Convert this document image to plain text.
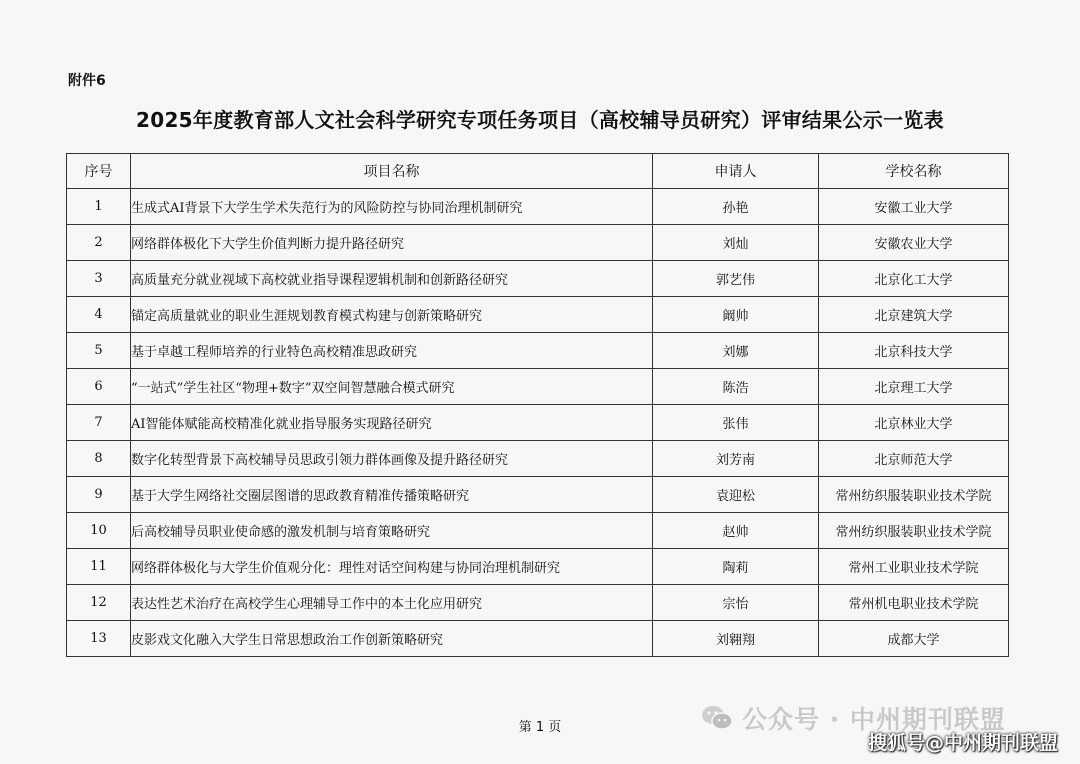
附件6
2025年度教育部人文社会科学研究专项任务项目（高校辅导员研究）评审结果公示一览表
序号	项目名称	申请人	学校名称
1	生成式AI背景下大学生学术失范行为的风险防控与协同治理机制研究	孙艳	安徽工业大学
2	网络群体极化下大学生价值判断力提升路径研究	刘灿	安徽农业大学
3	高质量充分就业视域下高校就业指导课程逻辑机制和创新路径研究	郭艺伟	北京化工大学
4	锚定高质量就业的职业生涯规划教育模式构建与创新策略研究	阚帅	北京建筑大学
5	基于卓越工程师培养的行业特色高校精准思政研究	刘娜	北京科技大学
6	“一站式”学生社区“物理+数字”双空间智慧融合模式研究	陈浩	北京理工大学
7	AI智能体赋能高校精准化就业指导服务实现路径研究	张伟	北京林业大学
8	数字化转型背景下高校辅导员思政引领力群体画像及提升路径研究	刘芳南	北京师范大学
9	基于大学生网络社交圈层图谱的思政教育精准传播策略研究	袁迎松	常州纺织服装职业技术学院
10	后高校辅导员职业使命感的激发机制与培育策略研究	赵帅	常州纺织服装职业技术学院
11	网络群体极化与大学生价值观分化：理性对话空间构建与协同治理机制研究	陶莉	常州工业职业技术学院
12	表达性艺术治疗在高校学生心理辅导工作中的本土化应用研究	宗怡	常州机电职业技术学院
13	皮影戏文化融入大学生日常思想政治工作创新策略研究	刘翱翔	成都大学
第 1 页	公众号 · 中州期刊联盟
搜狐号@中州期刊联盟
